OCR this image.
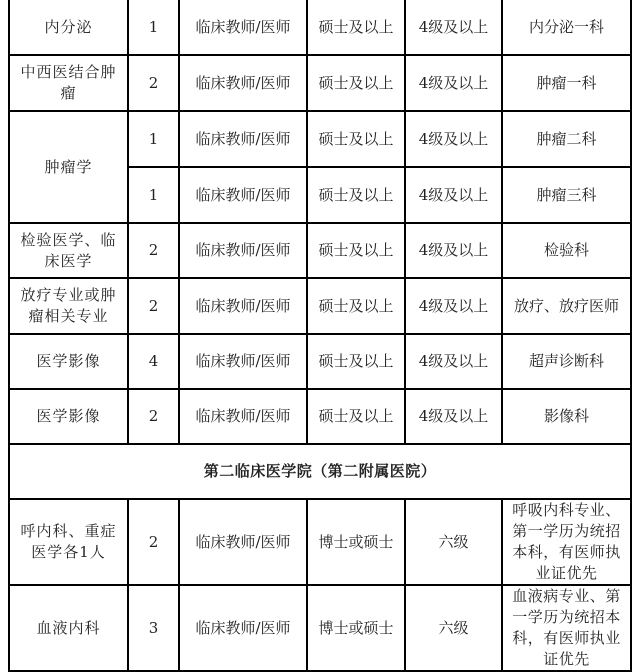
内分泌	1	临床教师/医师	硕士及以上	4级及以上	内分泌一科
中西医结合肿瘤	2	临床教师/医师	硕士及以上	4级及以上	肿瘤一科
肿瘤学	1	临床教师/医师	硕士及以上	4级及以上	肿瘤二科
	1	临床教师/医师	硕士及以上	4级及以上	肿瘤三科
检验医学、临床医学	2	临床教师/医师	硕士及以上	4级及以上	检验科
放疗专业或肿瘤相关专业	2	临床教师/医师	硕士及以上	4级及以上	放疗、放疗医师
医学影像	4	临床教师/医师	硕士及以上	4级及以上	超声诊断科
医学影像	2	临床教师/医师	硕士及以上	4级及以上	影像科
第二临床医学院（第二附属医院）					
呼内科、重症医学各1人	2	临床教师/医师	博士或硕士	六级	呼吸内科专业、第一学历为统招本科，有医师执业证优先
血液内科	3	临床教师/医师	博士或硕士	六级	血液病专业、第一学历为统招本科，有医师执业证优先
